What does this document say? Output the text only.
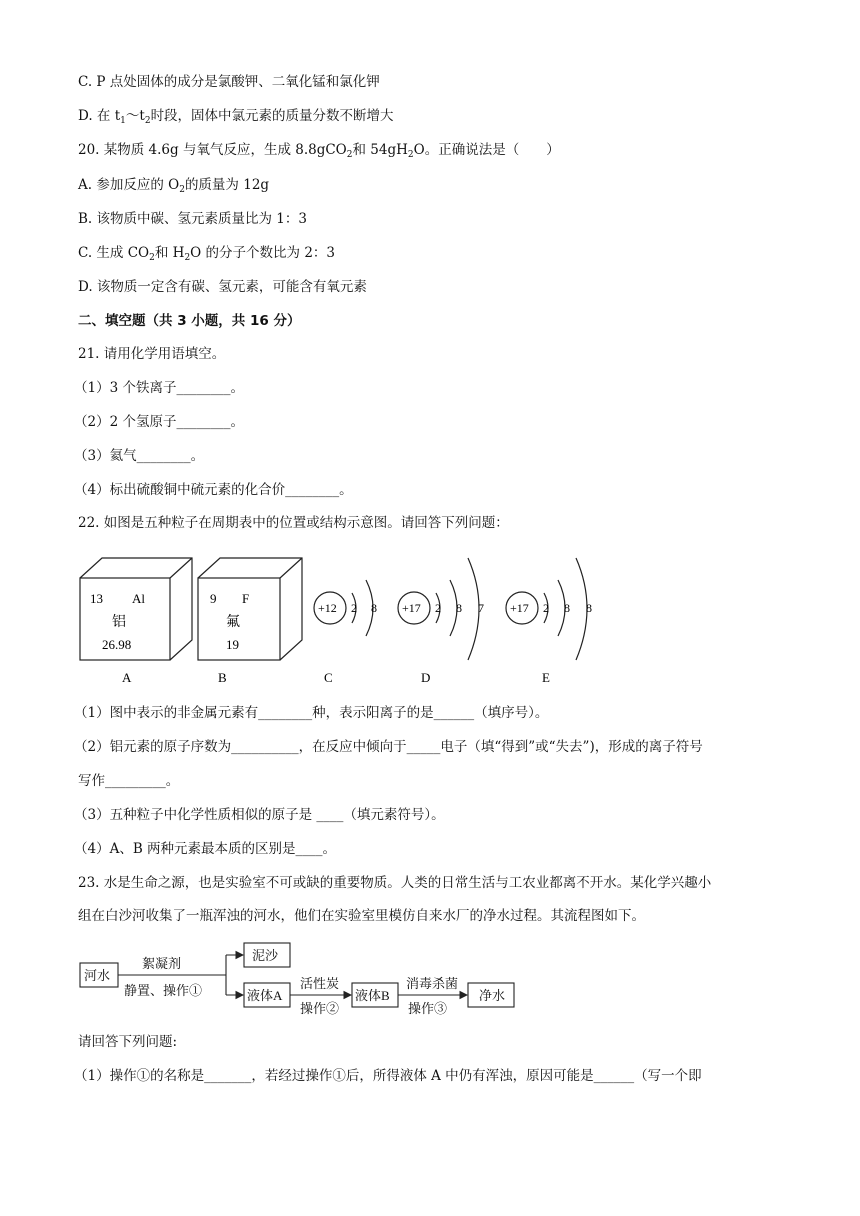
C. P 点处固体的成分是氯酸钾、二氧化锰和氯化钾
D. 在 $t_1\sim t_2$时段，固体中氯元素的质量分数不断增大
20. 某物质 4.6g 与氧气反应，生成 8.8gCO$_2$和 $54gH_2O$。正确说法是（　　）
A. 参加反应的 $O_2$的质量为 12g
B. 该物质中碳、氢元素质量比为 1：3
C. 生成 $CO_2$和 $H_2O$ 的分子个数比为 2：3
D. 该物质一定含有碳、氢元素，可能含有氧元素
二、填空题（共 3 小题，共 16 分）
21. 请用化学用语填空。
（1）3 个铁离子________。
（2）2 个氢原子________。
（3）氦气________。
（4）标出硫酸铜中硫元素的化合价________。
22. 如图是五种粒子在周期表中的位置或结构示意图。请回答下列问题：
13 Al
铝
26.98
9 F
氟
19
+12 2 8 +17 2 8 7 +17 2 8 8
A	B	C	D	E
（1）图中表示的非金属元素有________种，表示阳离子的是______（填序号）。
（2）铝元素的原子序数为__________，在反应中倾向于_____电子（填“得到”或“失去”)，形成的离子符号
写作_________。
（3）五种粒子中化学性质相似的原子是 ____（填元素符号）。
（4）A、B 两种元素最本质的区别是____。
23. 水是生命之源，也是实验室不可或缺的重要物质。人类的日常生活与工农业都离不开水。某化学兴趣小
组在白沙河收集了一瓶浑浊的河水，他们在实验室里模仿自来水厂的净水过程。其流程图如下。
河水
絮凝剂
静置、操作①
泥沙
液体A
活性炭
操作②
液体B
消毒杀菌
操作③
净水
请回答下列问题:
（1）操作①的名称是_______，若经过操作①后，所得液体 A 中仍有浑浊，原因可能是______（写一个即
